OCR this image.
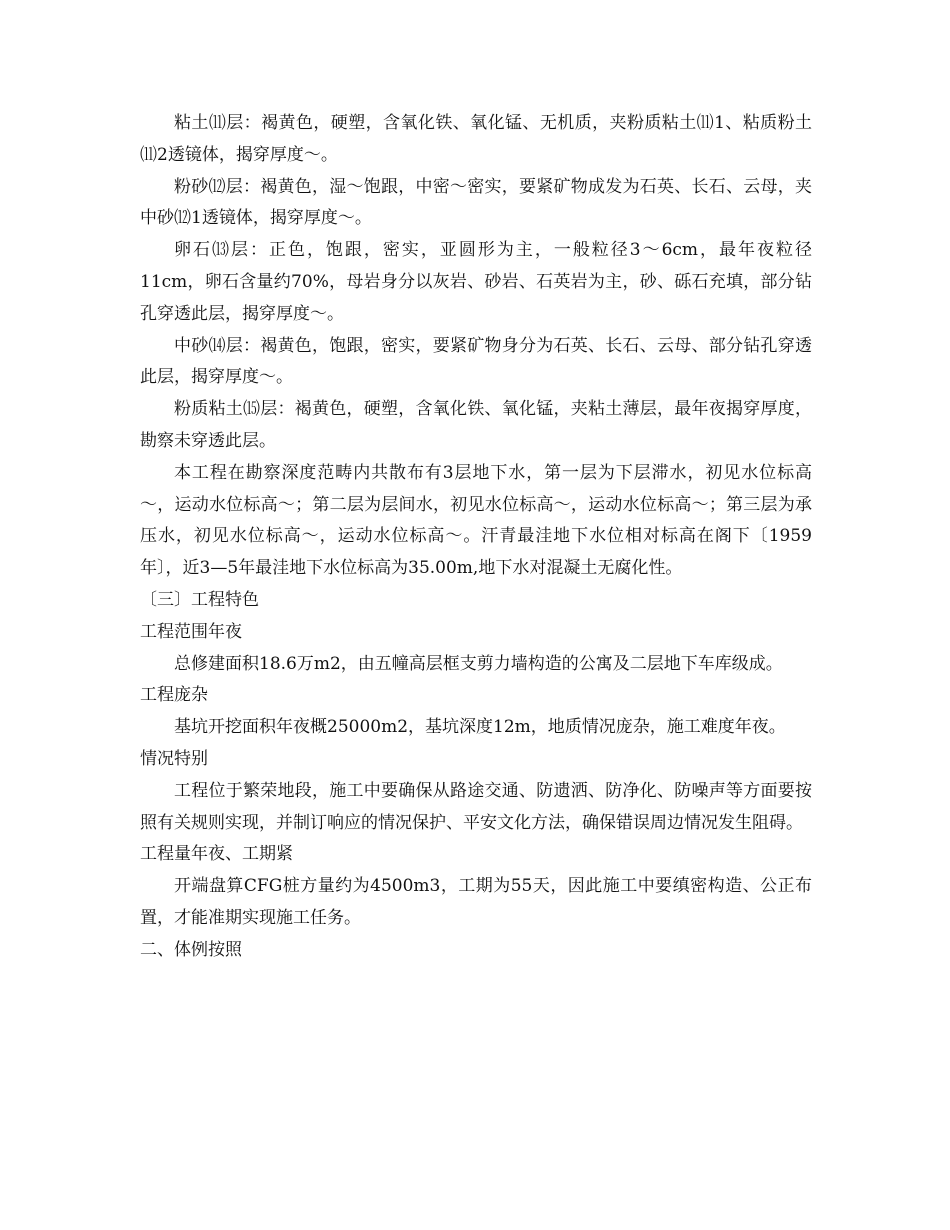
粘土⑾层：褐黄色，硬塑，含氧化铁、氧化锰、无机质，夹粉质粘土⑾1、粘质粉土⑾2透镜体，揭穿厚度～。

粉砂⑿层：褐黄色，湿～饱跟，中密～密实，要紧矿物成发为石英、长石、云母，夹中砂⑿1透镜体，揭穿厚度～。

卵石⒀层：正色，饱跟，密实，亚圆形为主，一般粒径3～6cm，最年夜粒径11cm，卵石含量约70%，母岩身分以灰岩、砂岩、石英岩为主，砂、砾石充填，部分钻孔穿透此层，揭穿厚度～。

中砂⒁层：褐黄色，饱跟，密实，要紧矿物身分为石英、长石、云母、部分钻孔穿透此层，揭穿厚度～。

粉质粘土⒂层：褐黄色，硬塑，含氧化铁、氧化锰，夹粘土薄层，最年夜揭穿厚度，勘察未穿透此层。

本工程在勘察深度范畴内共散布有3层地下水，第一层为下层滞水，初见水位标高～，运动水位标高～；第二层为层间水，初见水位标高～，运动水位标高～；第三层为承压水，初见水位标高～，运动水位标高～。汗青最洼地下水位相对标高在阁下〔1959年〕，近3—5年最洼地下水位标高为35.00m,地下水对混凝土无腐化性。

〔三〕工程特色

工程范围年夜

总修建面积18.6万m2，由五幢高层框支剪力墙构造的公寓及二层地下车库级成。

工程庞杂

基坑开挖面积年夜概25000m2，基坑深度12m，地质情况庞杂，施工难度年夜。

情况特别

工程位于繁荣地段，施工中要确保从路途交通、防遗洒、防净化、防噪声等方面要按照有关规则实现，并制订响应的情况保护、平安文化方法，确保错误周边情况发生阻碍。

工程量年夜、工期紧

开端盘算CFG桩方量约为4500m3，工期为55天，因此施工中要缜密构造、公正布置，才能准期实现施工任务。

二、体例按照
